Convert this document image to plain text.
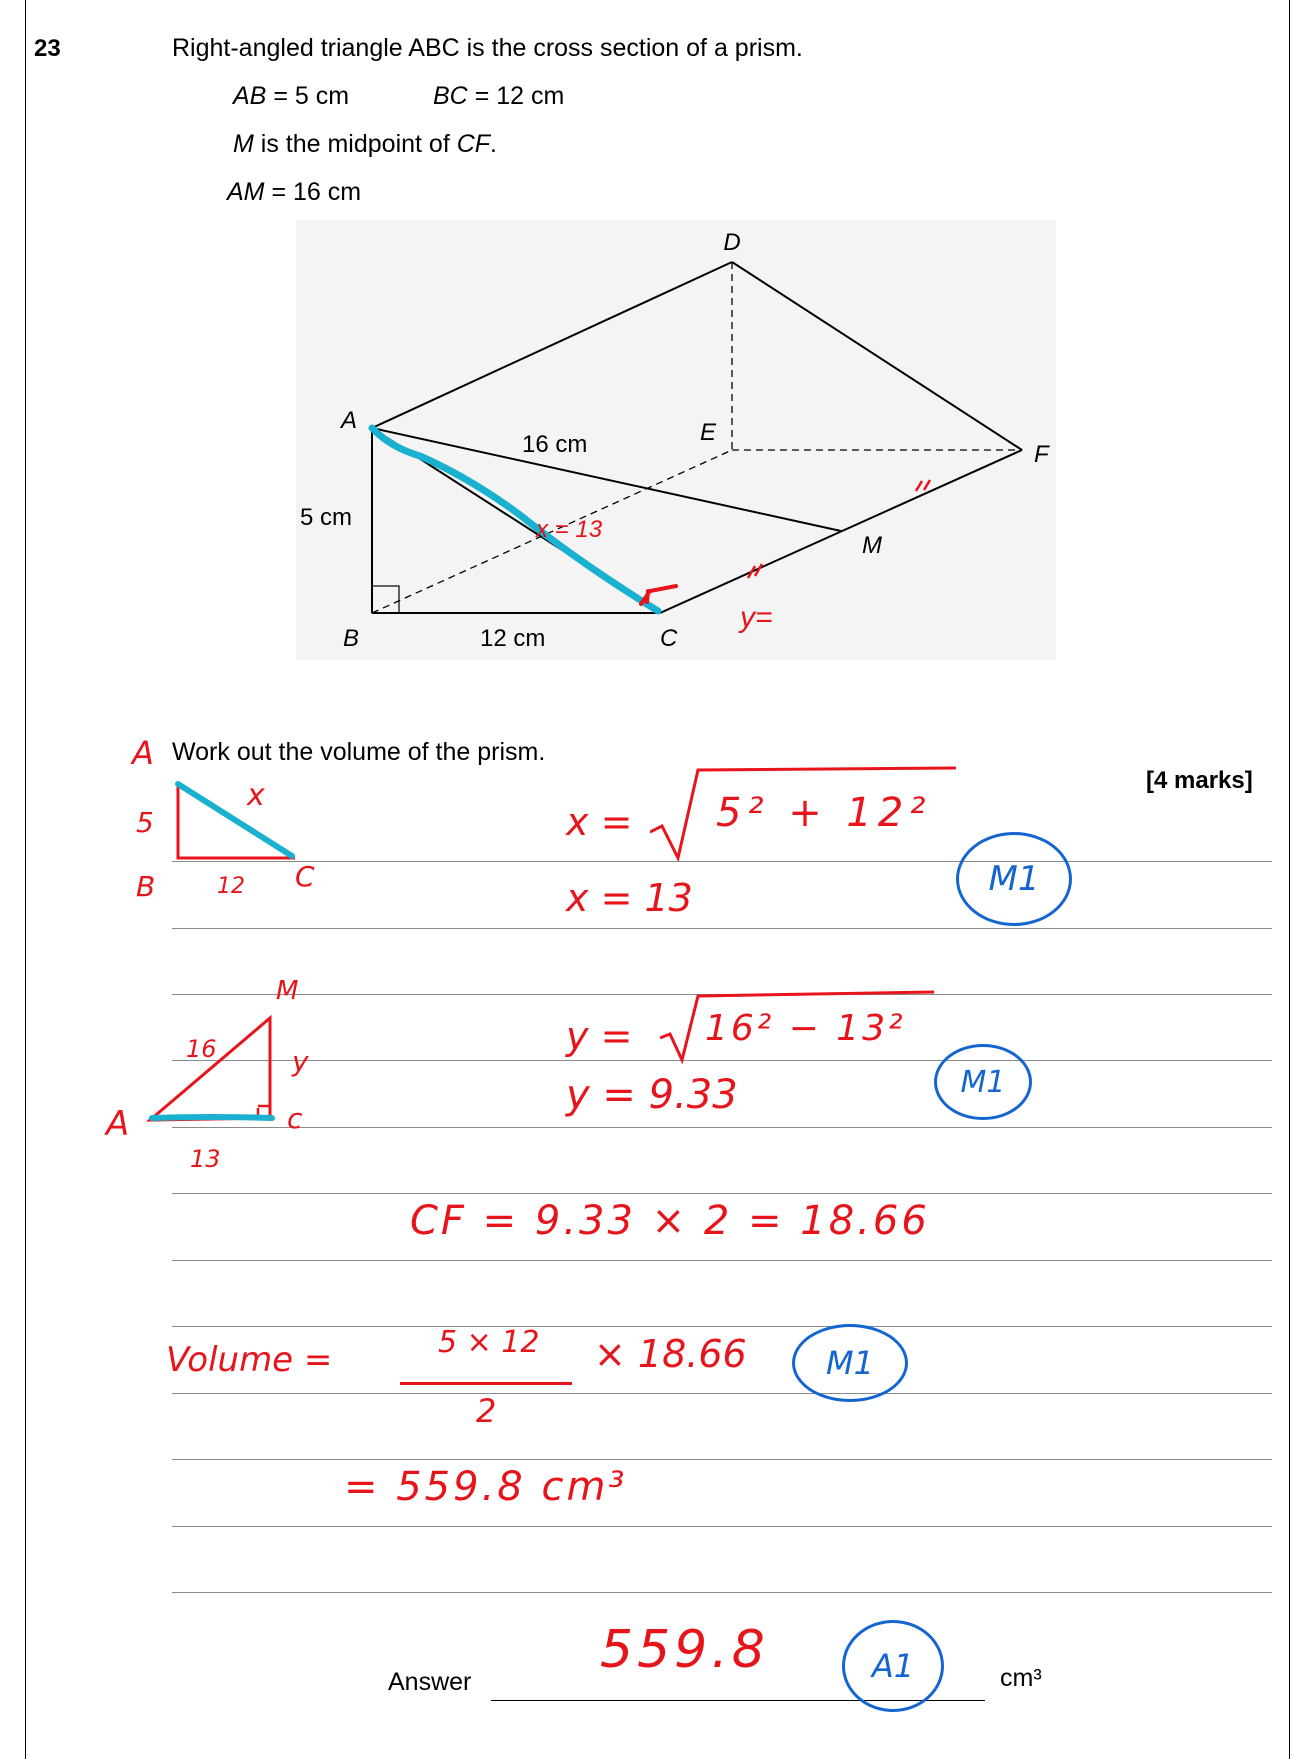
23	Right-angled triangle ABC is the cross section of a prism.
AB = 5 cm	BC = 12 cm
M is the midpoint of CF.
AM = 16 cm
D
E
F
A
M
B	C
5 cm
12 cm
16 cm
x = 13
y=
A Work out the volume of the prism.
[4 marks]
5
x
B	12 C
M
16	y
A	c
13
x = 5² + 12²
x = 13	M1
y = 16² − 13²
y = 9.33	M1
CF = 9.33 × 2 = 18.66
Volume =	5 × 12
2
× 18.66	M1
= 559.8 cm³
Answer
559.8	A1	cm³
